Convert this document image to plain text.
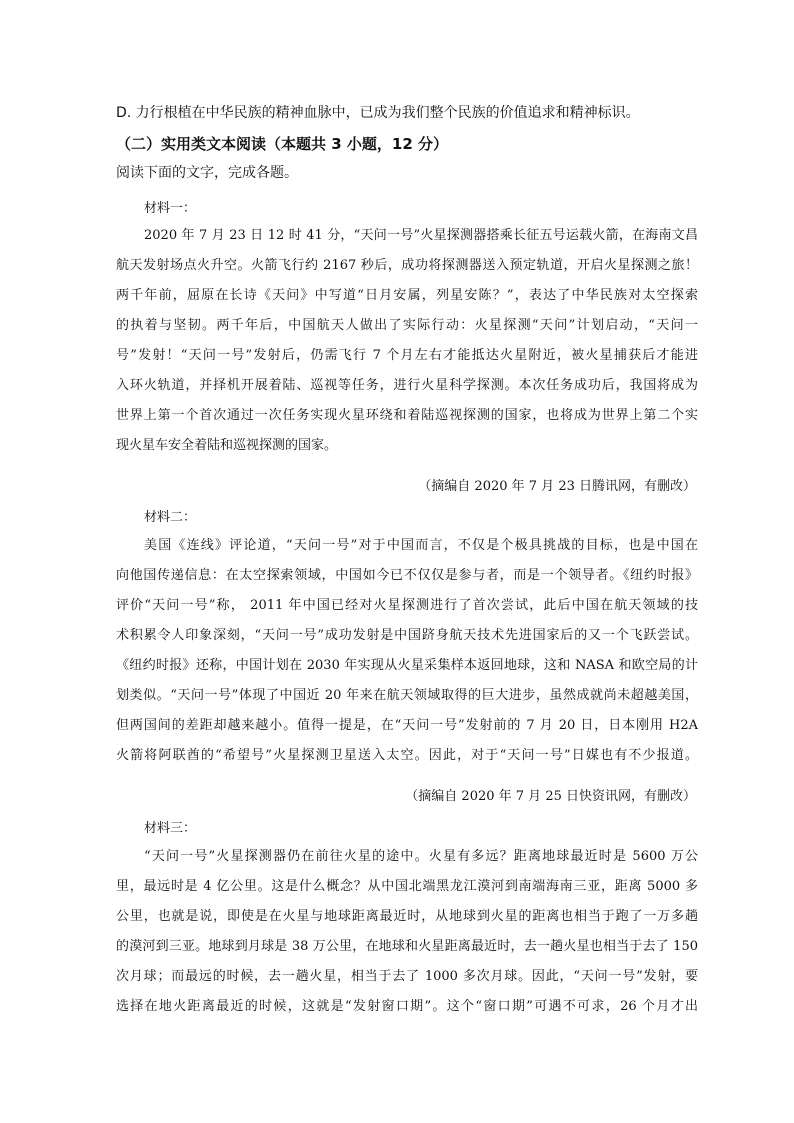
D. 力行根植在中华民族的精神血脉中，已成为我们整个民族的价值追求和精神标识。
（二）实用类文本阅读（本题共 3 小题，12 分）
阅读下面的文字，完成各题。
材料一：
2020 年 7 月 23 日 12 时 41 分，“天问一号”火星探测器搭乘长征五号运载火箭，在海南文昌
航天发射场点火升空。火箭飞行约 2167 秒后，成功将探测器送入预定轨道，开启火星探测之旅！
两千年前，屈原在长诗《天问》中写道“日月安属，列星安陈？”，表达了中华民族对太空探索
的执着与坚韧。两千年后，中国航天人做出了实际行动：火星探测“天问”计划启动，“天问一
号”发射！“天问一号”发射后，仍需飞行 7 个月左右才能抵达火星附近，被火星捕获后才能进
入环火轨道，并择机开展着陆、巡视等任务，进行火星科学探测。本次任务成功后，我国将成为
世界上第一个首次通过一次任务实现火星环绕和着陆巡视探测的国家，也将成为世界上第二个实
现火星车安全着陆和巡视探测的国家。
（摘编自 2020 年 7 月 23 日腾讯网，有删改）
材料二：
美国《连线》评论道，“天问一号”对于中国而言，不仅是个极具挑战的目标，也是中国在
向他国传递信息：在太空探索领域，中国如今已不仅仅是参与者，而是一个领导者。《纽约时报》
评价“天问一号”称， 2011 年中国已经对火星探测进行了首次尝试，此后中国在航天领域的技
术积累令人印象深刻，“天问一号”成功发射是中国跻身航天技术先进国家后的又一个飞跃尝试。
《纽约时报》还称，中国计划在 2030 年实现从火星采集样本返回地球，这和 NASA 和欧空局的计
划类似。“天问一号”体现了中国近 20 年来在航天领域取得的巨大进步，虽然成就尚未超越美国，
但两国间的差距却越来越小。值得一提是，在“天问一号”发射前的 7 月 20 日，日本刚用 H2A
火箭将阿联酋的“希望号”火星探测卫星送入太空。因此，对于“天问一号”日媒也有不少报道。
（摘编自 2020 年 7 月 25 日快资讯网，有删改）
材料三：
“天问一号”火星探测器仍在前往火星的途中。火星有多远？距离地球最近时是 5600 万公
里，最远时是 4 亿公里。这是什么概念？从中国北端黑龙江漠河到南端海南三亚，距离 5000 多
公里，也就是说，即使是在火星与地球距离最近时，从地球到火星的距离也相当于跑了一万多趟
的漠河到三亚。地球到月球是 38 万公里，在地球和火星距离最近时，去一趟火星也相当于去了 150
次月球；而最远的时候，去一趟火星，相当于去了 1000 多次月球。因此，“天问一号”发射，要
选择在地火距离最近的时候，这就是“发射窗口期”。这个“窗口期”可遇不可求，26 个月才出
